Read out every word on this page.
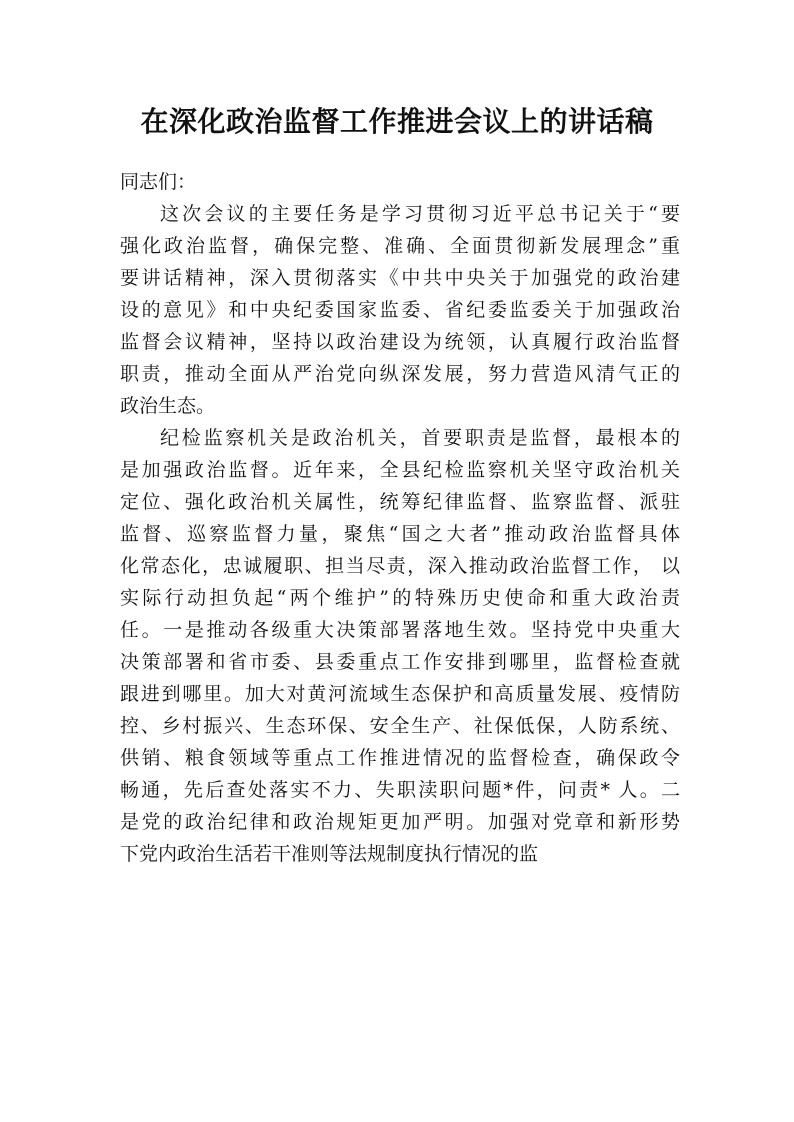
在深化政治监督工作推进会议上的讲话稿

同志们：

这次会议的主要任务是学习贯彻习近平总书记关于“要
强化政治监督，确保完整、准确、全面贯彻新发展理念”重
要讲话精神，深入贯彻落实《中共中央关于加强党的政治建
设的意见》和中央纪委国家监委、省纪委监委关于加强政治
监督会议精神，坚持以政治建设为统领，认真履行政治监督
职责，推动全面从严治党向纵深发展，努力营造风清气正的
政治生态。

纪检监察机关是政治机关，首要职责是监督，最根本的
是加强政治监督。近年来，全县纪检监察机关坚守政治机关
定位、强化政治机关属性，统筹纪律监督、监察监督、派驻
监督、巡察监督力量，聚焦“国之大者”推动政治监督具体
化常态化，忠诚履职、担当尽责，深入推动政治监督工作， 以
实际行动担负起“两个维护”的特殊历史使命和重大政治责
任。一是推动各级重大决策部署落地生效。坚持党中央重大
决策部署和省市委、县委重点工作安排到哪里，监督检查就
跟进到哪里。加大对黄河流域生态保护和高质量发展、疫情防
控、乡村振兴、生态环保、安全生产、社保低保，人防系统、
供销、粮食领域等重点工作推进情况的监督检查，确保政令
畅通，先后查处落实不力、失职渎职问题*件，问责* 人。二
是党的政治纪律和政治规矩更加严明。加强对党章和新形势
下党内政治生活若干准则等法规制度执行情况的监
